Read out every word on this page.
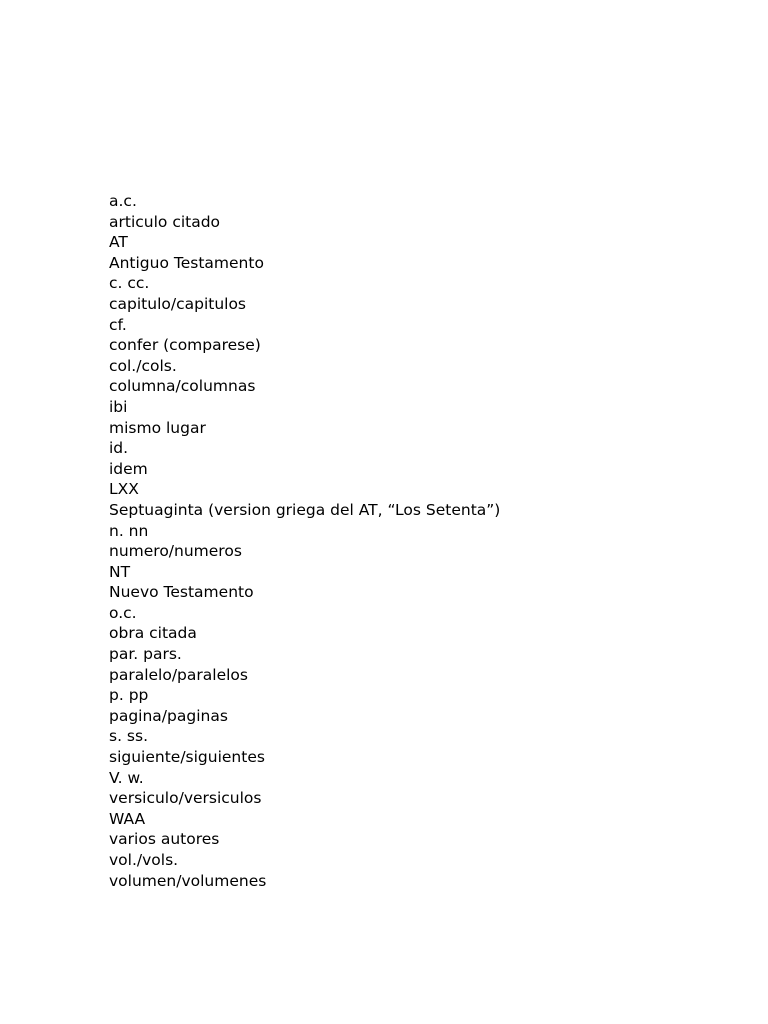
a.c.
articulo citado
AT
Antiguo Testamento
c. cc.
capitulo/capitulos
cf.
confer (comparese)
col./cols.
columna/columnas
ibi
mismo lugar
id.
idem
LXX
Septuaginta (version griega del AT, “Los Setenta”)
n. nn
numero/numeros
NT
Nuevo Testamento
o.c.
obra citada
par. pars.
paralelo/paralelos
p. pp
pagina/paginas
s. ss.
siguiente/siguientes
V. w.
versiculo/versiculos
WAA
varios autores
vol./vols.
volumen/volumenes
